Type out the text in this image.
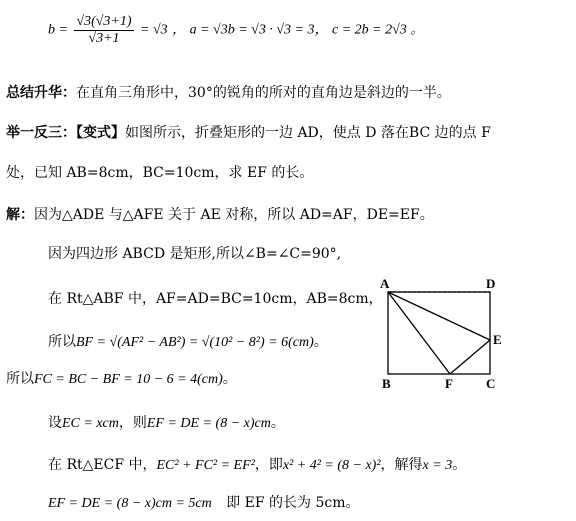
$b = \frac{√3(√3+1)}{√3+1} = √3$ ， a = √3b = √3 · √3 = 3， c = 2b = 2√3 。
总结升华：在直角三角形中，30°的锐角的所对的直角边是斜边的一半。
举一反三：【变式】如图所示，折叠矩形的一边 AD，使点 D 落在BC 边的点 F
处，已知 AB=8cm，BC=10cm，求 EF 的长。
解：因为△ADE 与△AFE 关于 AE 对称，所以 AD=AF，DE=EF。
因为四边形 ABCD 是矩形,所以∠B=∠C=90°,
在 Rt△ABF 中，AF=AD=BC=10cm，AB=8cm，
所以BF = √(AF² − AB²) = √(10² − 8²) = 6(cm)。
所以FC = BC − BF = 10 − 6 = 4(cm)。
设EC = xcm，则EF = DE = (8 − x)cm。
在 Rt△ECF 中，EC² + FC² = EF²，即x² + 4² = (8 − x)²，解得x = 3。
EF = DE = (8 − x)cm = 5cm 即 EF 的长为 5cm。
A	D
E
B	F	C
